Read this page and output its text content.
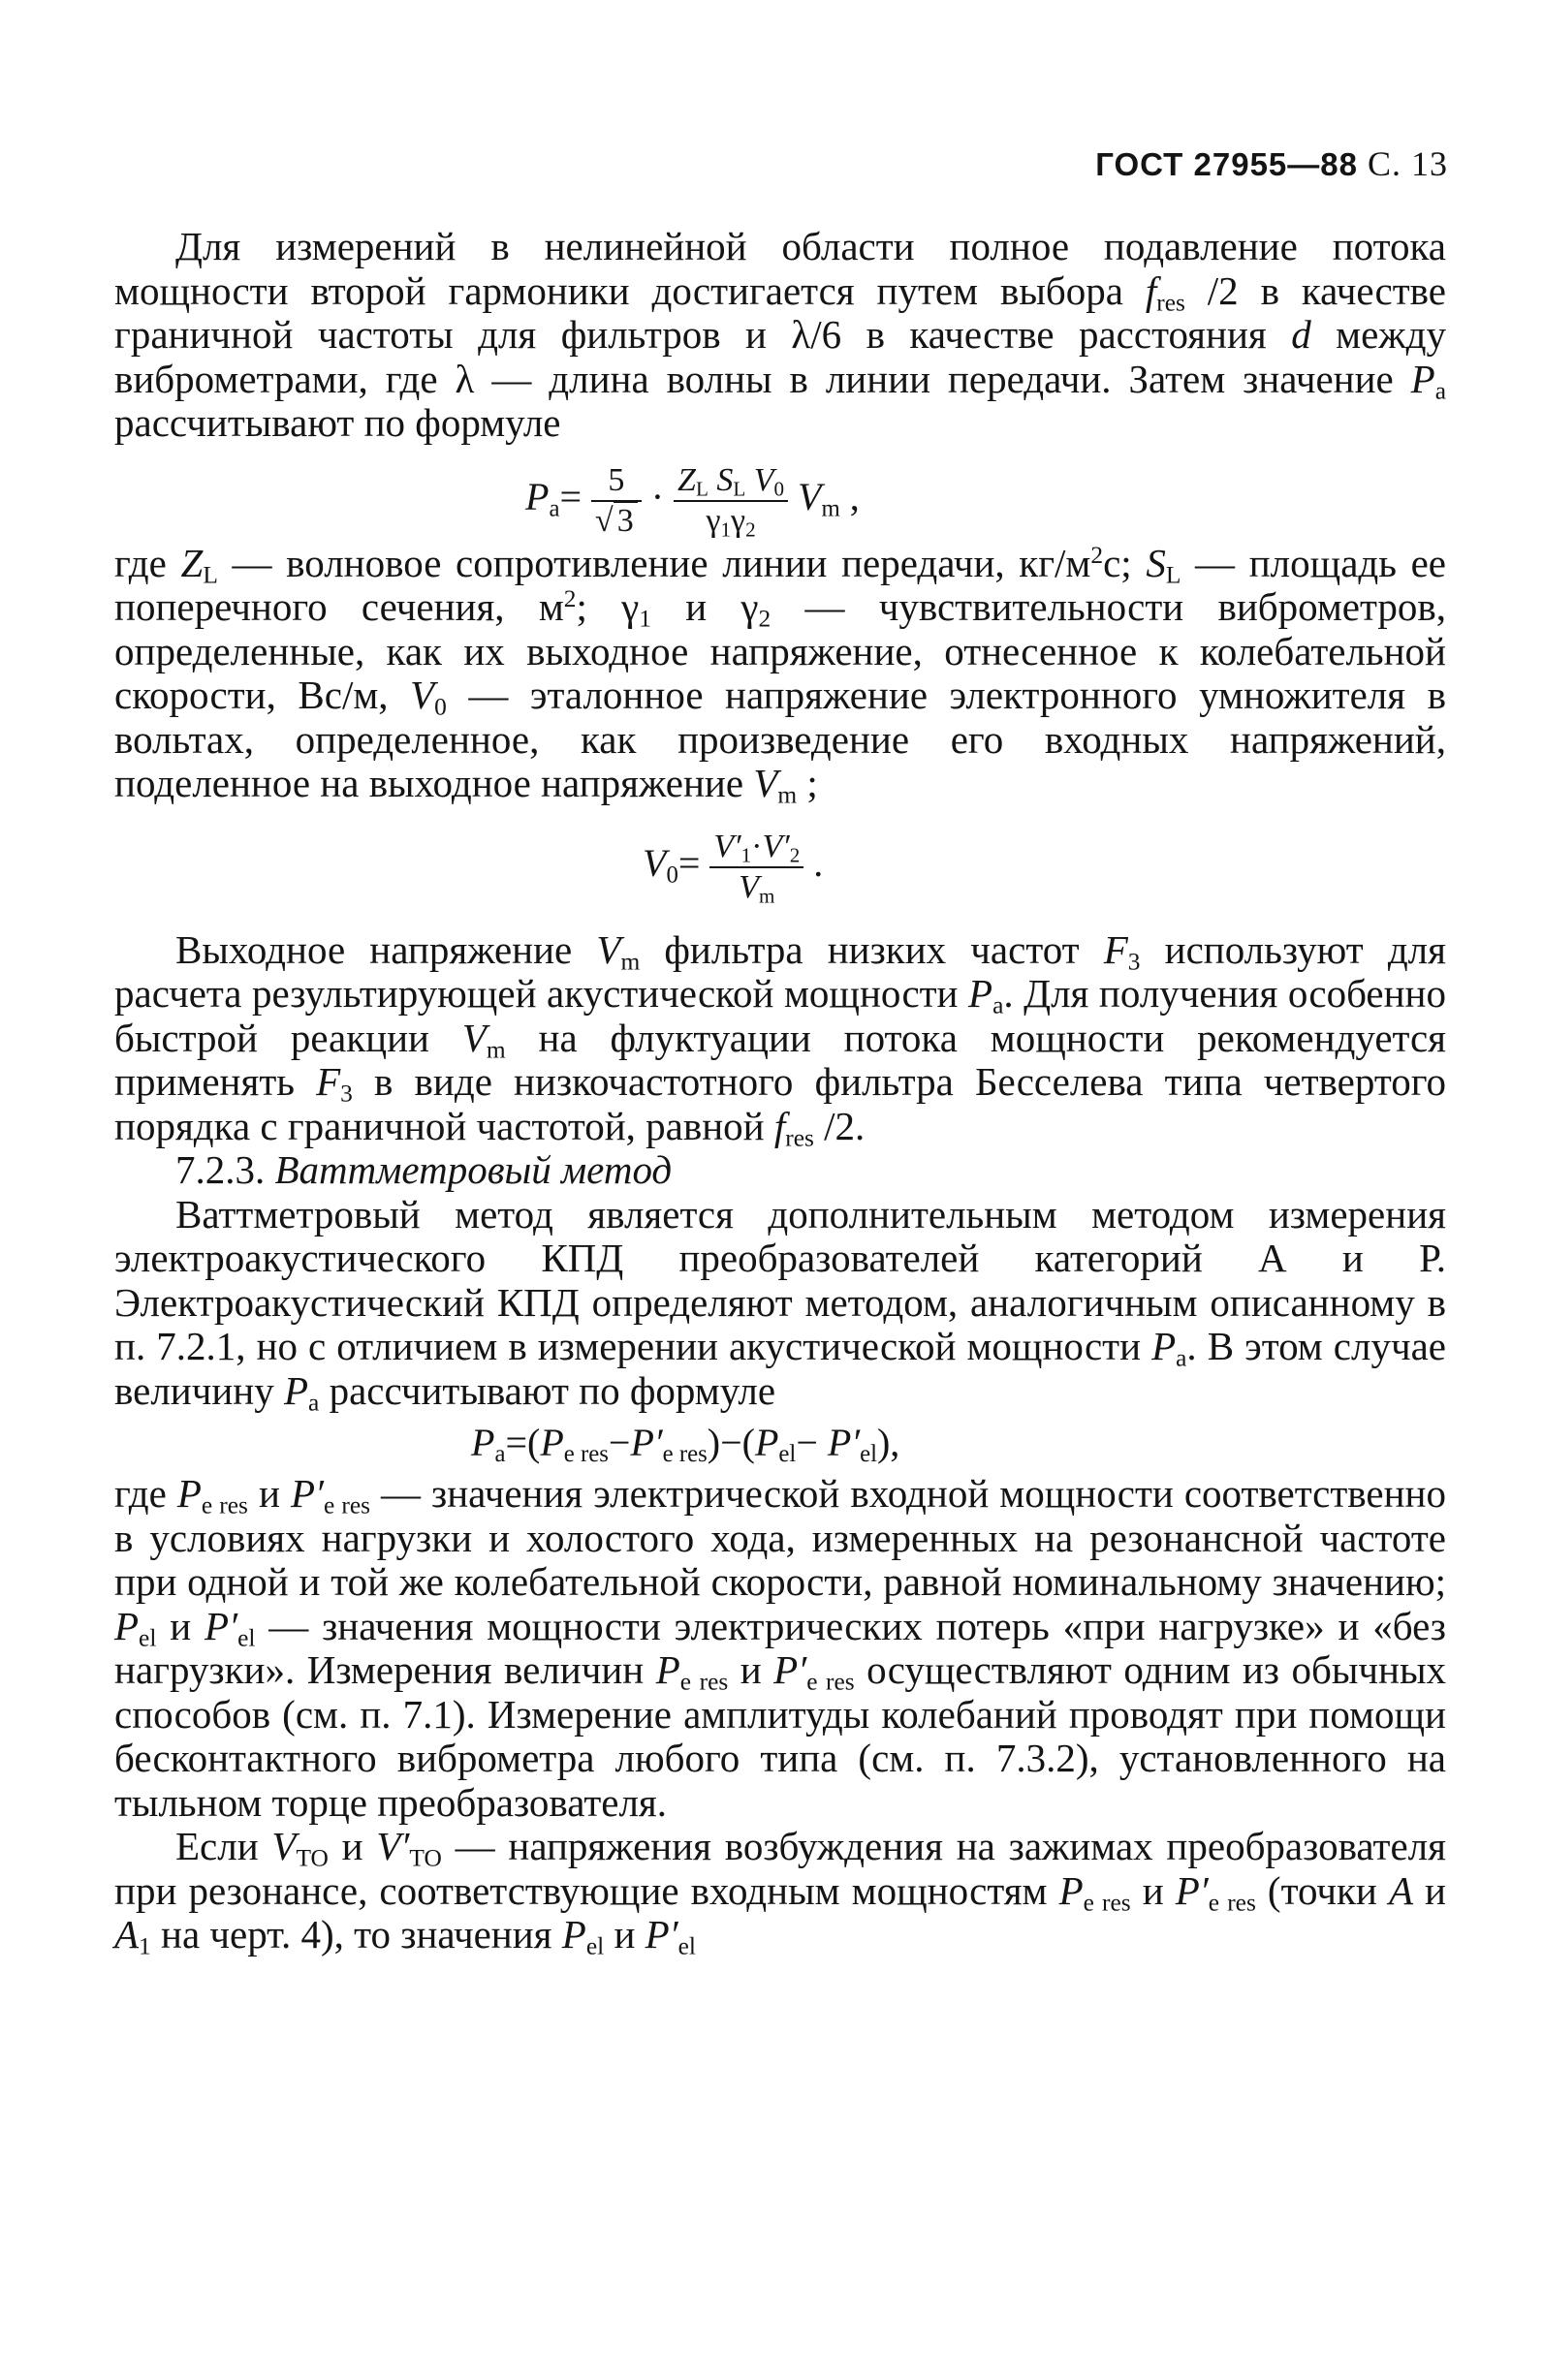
ГОСТ 27955—88 С. 13

Для измерений в нелинейной области полное подавление потока мощности второй гармоники достигается путем выбора $f_{res}$ /2 в качестве граничной частоты для фильтров и λ/6 в качестве расстояния d между виброметрами, где λ — длина волны в линии передачи. Затем значение $P_a$ рассчитывают по формуле

$P_a= \frac{5}{√ 3} \cdot \frac{Z_L S_L V_0}{\gamma_1\gamma_2} V_m$ ,

где $Z_L$ — волновое сопротивление линии передачи, $кг/м^2с$; $S_L$ — площадь ее поперечного сечения, $м^2$; $\gamma_1$ и $\gamma_2$ — чувствительности виброметров, определенные, как их выходное напряжение, отнесенное к колебательной скорости, Вс/м, $V_0$ — эталонное напряжение электронного умножителя в вольтах, определенное, как произведение его входных напряжений, поделенное на выходное напряжение $V_m$ ;

$V_0= \frac{V'_1\cdot V'_2}{V_m}$ .

Выходное напряжение $V_m$ фильтра низких частот $F_3$ используют для расчета результирующей акустической мощности $P_a$. Для получения особенно быстрой реакции $V_m$ на флуктуации потока мощности рекомендуется применять $F_3$ в виде низкочастотного фильтра Бесселева типа четвертого порядка с граничной частотой, равной $f_{res}$ /2.

7.2.3. Ваттметровый метод

Ваттметровый метод является дополнительным методом измерения электроакустического КПД преобразователей категорий А и Р. Электроакустический КПД определяют методом, аналогичным описанному в п. 7.2.1, но с отличием в измерении акустической мощности $P_a$. В этом случае величину $P_a$ рассчитывают по формуле

$P_a=(P_{e res}-P'_{e res})-(P_{el}- P'_{el})$,

где $P_{e res}$ и $P'_{e res}$ — значения электрической входной мощности соответственно в условиях нагрузки и холостого хода, измеренных на резонансной частоте при одной и той же колебательной скорости, равной номинальному значению; $P_{el}$ и $P'_{el}$ — значения мощности электрических потерь «при нагрузке» и «без нагрузки». Измерения величин $P_{e res}$ и $P'_{e res}$ осуществляют одним из обычных способов (см. п. 7.1). Измерение амплитуды колебаний проводят при помощи бесконтактного виброметра любого типа (см. п. 7.3.2), установленного на тыльном торце преобразователя.

Если $V_{TO}$ и $V'_{TO}$ — напряжения возбуждения на зажимах преобразователя при резонансе, соответствующие входным мощностям $P_{e res}$ и $P'_{e res}$ (точки A и $A_1$ на черт. 4), то значения $P_{el}$ и $P'_{el}$
